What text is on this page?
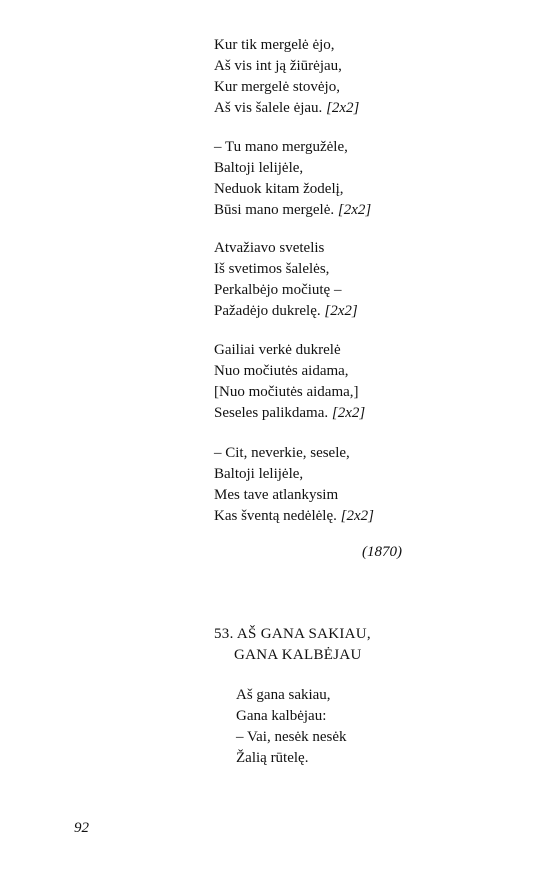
Kur tik mergelė ėjo,
Aš vis int ją žiūrėjau,
Kur mergelė stovėjo,
Aš vis šalele ėjau. [2x2]
– Tu mano mergužėle,
Baltoji lelijėle,
Neduok kitam žodelį,
Būsi mano mergelė. [2x2]
Atvažiavo svetelis
Iš svetimos šalelės,
Perkalbėjo močiutę –
Pažadėjo dukrelę. [2x2]
Gailiai verkė dukrelė
Nuo močiutės aidama,
[Nuo močiutės aidama,]
Seseles palikdama. [2x2]
– Cit, neverkie, sesele,
Baltoji lelijėle,
Mes tave atlankysim
Kas šventą nedėlėlę. [2x2]
(1870)
53. AŠ GANA SAKIAU,
GANA KALBĖJAU
Aš gana sakiau,
Gana kalbėjau:
– Vai, nesėk nesėk
Žalią rūtelę.
92
